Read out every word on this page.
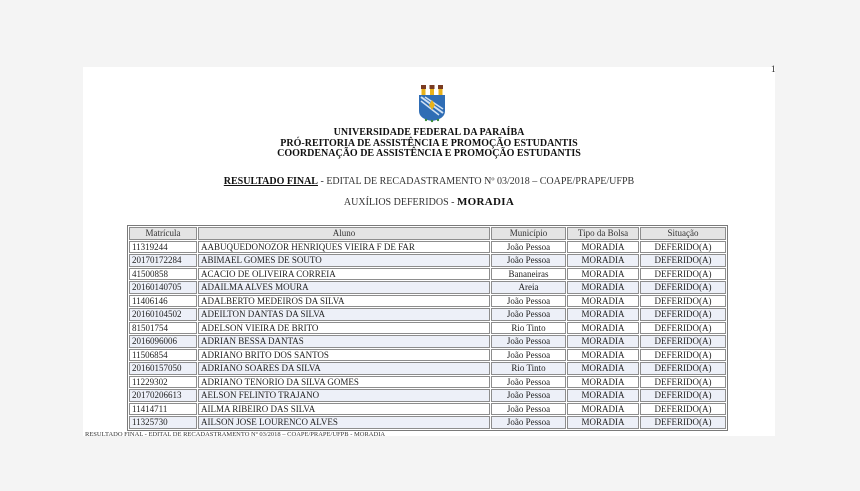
1
UNIVERSIDADE FEDERAL DA PARAÍBA
PRÓ-REITORIA DE ASSISTÊNCIA E PROMOÇÃO ESTUDANTIS
COORDENAÇÃO DE ASSISTÊNCIA E PROMOÇÃO ESTUDANTIS
RESULTADO FINAL - EDITAL DE RECADASTRAMENTO Nº 03/2018 – COAPE/PRAPE/UFPB
AUXÍLIOS DEFERIDOS - MORADIA
Matrícula	Aluno	Município	Tipo da Bolsa	Situação
11319244	AABUQUEDONOZOR HENRIQUES VIEIRA F DE FAR	João Pessoa	MORADIA	DEFERIDO(A)
20170172284	ABIMAEL GOMES DE SOUTO	João Pessoa	MORADIA	DEFERIDO(A)
41500858	ACACIO DE OLIVEIRA CORREIA	Bananeiras	MORADIA	DEFERIDO(A)
20160140705	ADAILMA ALVES MOURA	Areia	MORADIA	DEFERIDO(A)
11406146	ADALBERTO MEDEIROS DA SILVA	João Pessoa	MORADIA	DEFERIDO(A)
20160104502	ADEILTON DANTAS DA SILVA	João Pessoa	MORADIA	DEFERIDO(A)
81501754	ADELSON VIEIRA DE BRITO	Rio Tinto	MORADIA	DEFERIDO(A)
2016096006	ADRIAN BESSA DANTAS	João Pessoa	MORADIA	DEFERIDO(A)
11506854	ADRIANO BRITO DOS SANTOS	João Pessoa	MORADIA	DEFERIDO(A)
20160157050	ADRIANO SOARES DA SILVA	Rio Tinto	MORADIA	DEFERIDO(A)
11229302	ADRIANO TENORIO DA SILVA GOMES	João Pessoa	MORADIA	DEFERIDO(A)
20170206613	AELSON FELINTO TRAJANO	João Pessoa	MORADIA	DEFERIDO(A)
11414711	AILMA RIBEIRO DAS SILVA	João Pessoa	MORADIA	DEFERIDO(A)
11325730	AILSON JOSE LOURENCO ALVES	João Pessoa	MORADIA	DEFERIDO(A)
RESULTADO FINAL - EDITAL DE RECADASTRAMENTO Nº 03/2018 – COAPE/PRAPE/UFPB - MORADIA
